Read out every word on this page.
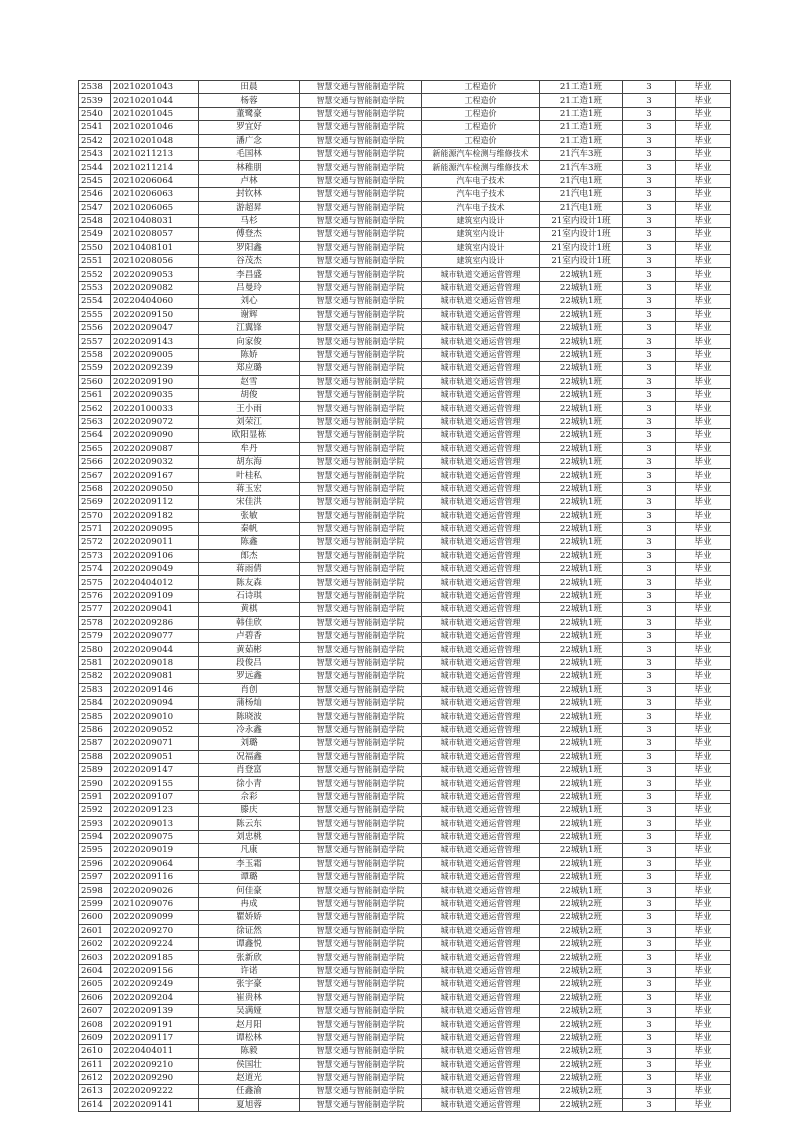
2538	20210201043	田晨	智慧交通与智能制造学院	工程造价	21工造1班	3	毕业
2539	20210201044	杨蓉	智慧交通与智能制造学院	工程造价	21工造1班	3	毕业
2540	20210201045	董鹭豪	智慧交通与智能制造学院	工程造价	21工造1班	3	毕业
2541	20210201046	罗宜好	智慧交通与智能制造学院	工程造价	21工造1班	3	毕业
2542	20210201048	潘广念	智慧交通与智能制造学院	工程造价	21工造1班	3	毕业
2543	20210211213	毛国林	智慧交通与智能制造学院	新能源汽车检测与维修技术	21汽车3班	3	毕业
2544	20210211214	林稚朋	智慧交通与智能制造学院	新能源汽车检测与维修技术	21汽车3班	3	毕业
2545	20210206064	卢林	智慧交通与智能制造学院	汽车电子技术	21汽电1班	3	毕业
2546	20210206063	封钦林	智慧交通与智能制造学院	汽车电子技术	21汽电1班	3	毕业
2547	20210206065	游超昇	智慧交通与智能制造学院	汽车电子技术	21汽电1班	3	毕业
2548	20210408031	马杉	智慧交通与智能制造学院	建筑室内设计	21室内设计1班	3	毕业
2549	20210208057	傅登杰	智慧交通与智能制造学院	建筑室内设计	21室内设计1班	3	毕业
2550	20210408101	罗阳鑫	智慧交通与智能制造学院	建筑室内设计	21室内设计1班	3	毕业
2551	20210208056	谷茂杰	智慧交通与智能制造学院	建筑室内设计	21室内设计1班	3	毕业
2552	20220209053	李昌盛	智慧交通与智能制造学院	城市轨道交通运营管理	22城轨1班	3	毕业
2553	20220209082	吕曼玲	智慧交通与智能制造学院	城市轨道交通运营管理	22城轨1班	3	毕业
2554	20220404060	刘心	智慧交通与智能制造学院	城市轨道交通运营管理	22城轨1班	3	毕业
2555	20220209150	谢辉	智慧交通与智能制造学院	城市轨道交通运营管理	22城轨1班	3	毕业
2556	20220209047	江翼锋	智慧交通与智能制造学院	城市轨道交通运营管理	22城轨1班	3	毕业
2557	20220209143	向家俊	智慧交通与智能制造学院	城市轨道交通运营管理	22城轨1班	3	毕业
2558	20220209005	陈娇	智慧交通与智能制造学院	城市轨道交通运营管理	22城轨1班	3	毕业
2559	20220209239	郑应璐	智慧交通与智能制造学院	城市轨道交通运营管理	22城轨1班	3	毕业
2560	20220209190	赵雪	智慧交通与智能制造学院	城市轨道交通运营管理	22城轨1班	3	毕业
2561	20220209035	胡俊	智慧交通与智能制造学院	城市轨道交通运营管理	22城轨1班	3	毕业
2562	20220100033	王小雨	智慧交通与智能制造学院	城市轨道交通运营管理	22城轨1班	3	毕业
2563	20220209072	刘荣江	智慧交通与智能制造学院	城市轨道交通运营管理	22城轨1班	3	毕业
2564	20220209090	欧阳显栋	智慧交通与智能制造学院	城市轨道交通运营管理	22城轨1班	3	毕业
2565	20220209087	牟丹	智慧交通与智能制造学院	城市轨道交通运营管理	22城轨1班	3	毕业
2566	20220209032	胡东海	智慧交通与智能制造学院	城市轨道交通运营管理	22城轨1班	3	毕业
2567	20220209167	叶桂私	智慧交通与智能制造学院	城市轨道交通运营管理	22城轨1班	3	毕业
2568	20220209050	蒋玉宏	智慧交通与智能制造学院	城市轨道交通运营管理	22城轨1班	3	毕业
2569	20220209112	宋佳洪	智慧交通与智能制造学院	城市轨道交通运营管理	22城轨1班	3	毕业
2570	20220209182	张敏	智慧交通与智能制造学院	城市轨道交通运营管理	22城轨1班	3	毕业
2571	20220209095	秦帆	智慧交通与智能制造学院	城市轨道交通运营管理	22城轨1班	3	毕业
2572	20220209011	陈鑫	智慧交通与智能制造学院	城市轨道交通运营管理	22城轨1班	3	毕业
2573	20220209106	郎杰	智慧交通与智能制造学院	城市轨道交通运营管理	22城轨1班	3	毕业
2574	20220209049	蒋雨倩	智慧交通与智能制造学院	城市轨道交通运营管理	22城轨1班	3	毕业
2575	20220404012	陈友森	智慧交通与智能制造学院	城市轨道交通运营管理	22城轨1班	3	毕业
2576	20220209109	石诗琪	智慧交通与智能制造学院	城市轨道交通运营管理	22城轨1班	3	毕业
2577	20220209041	黄棋	智慧交通与智能制造学院	城市轨道交通运营管理	22城轨1班	3	毕业
2578	20220209286	韩佳欣	智慧交通与智能制造学院	城市轨道交通运营管理	22城轨1班	3	毕业
2579	20220209077	卢碧香	智慧交通与智能制造学院	城市轨道交通运营管理	22城轨1班	3	毕业
2580	20220209044	黄茹彬	智慧交通与智能制造学院	城市轨道交通运营管理	22城轨1班	3	毕业
2581	20220209018	段俊吕	智慧交通与智能制造学院	城市轨道交通运营管理	22城轨1班	3	毕业
2582	20220209081	罗远鑫	智慧交通与智能制造学院	城市轨道交通运营管理	22城轨1班	3	毕业
2583	20220209146	肖创	智慧交通与智能制造学院	城市轨道交通运营管理	22城轨1班	3	毕业
2584	20220209094	蒲杨灿	智慧交通与智能制造学院	城市轨道交通运营管理	22城轨1班	3	毕业
2585	20220209010	陈晓波	智慧交通与智能制造学院	城市轨道交通运营管理	22城轨1班	3	毕业
2586	20220209052	冷永鑫	智慧交通与智能制造学院	城市轨道交通运营管理	22城轨1班	3	毕业
2587	20220209071	刘璐	智慧交通与智能制造学院	城市轨道交通运营管理	22城轨1班	3	毕业
2588	20220209051	况福鑫	智慧交通与智能制造学院	城市轨道交通运营管理	22城轨1班	3	毕业
2589	20220209147	肖登富	智慧交通与智能制造学院	城市轨道交通运营管理	22城轨1班	3	毕业
2590	20220209155	徐小青	智慧交通与智能制造学院	城市轨道交通运营管理	22城轨1班	3	毕业
2591	20220209107	佘彩	智慧交通与智能制造学院	城市轨道交通运营管理	22城轨1班	3	毕业
2592	20220209123	滕庆	智慧交通与智能制造学院	城市轨道交通运营管理	22城轨1班	3	毕业
2593	20220209013	陈云东	智慧交通与智能制造学院	城市轨道交通运营管理	22城轨1班	3	毕业
2594	20220209075	刘忠桃	智慧交通与智能制造学院	城市轨道交通运营管理	22城轨1班	3	毕业
2595	20220209019	凡康	智慧交通与智能制造学院	城市轨道交通运营管理	22城轨1班	3	毕业
2596	20220209064	李玉霜	智慧交通与智能制造学院	城市轨道交通运营管理	22城轨1班	3	毕业
2597	20220209116	谭璐	智慧交通与智能制造学院	城市轨道交通运营管理	22城轨1班	3	毕业
2598	20220209026	何佳豪	智慧交通与智能制造学院	城市轨道交通运营管理	22城轨1班	3	毕业
2599	20210209076	冉成	智慧交通与智能制造学院	城市轨道交通运营管理	22城轨2班	3	毕业
2600	20220209099	瞿娇娇	智慧交通与智能制造学院	城市轨道交通运营管理	22城轨2班	3	毕业
2601	20220209270	徐证然	智慧交通与智能制造学院	城市轨道交通运营管理	22城轨2班	3	毕业
2602	20220209224	谭鑫悦	智慧交通与智能制造学院	城市轨道交通运营管理	22城轨2班	3	毕业
2603	20220209185	张新欣	智慧交通与智能制造学院	城市轨道交通运营管理	22城轨2班	3	毕业
2604	20220209156	许诺	智慧交通与智能制造学院	城市轨道交通运营管理	22城轨2班	3	毕业
2605	20220209249	张宇豪	智慧交通与智能制造学院	城市轨道交通运营管理	22城轨2班	3	毕业
2606	20220209204	崔贵林	智慧交通与智能制造学院	城市轨道交通运营管理	22城轨2班	3	毕业
2607	20220209139	吴满娅	智慧交通与智能制造学院	城市轨道交通运营管理	22城轨2班	3	毕业
2608	20220209191	赵月阳	智慧交通与智能制造学院	城市轨道交通运营管理	22城轨2班	3	毕业
2609	20220209117	谭松林	智慧交通与智能制造学院	城市轨道交通运营管理	22城轨2班	3	毕业
2610	20220404011	陈毅	智慧交通与智能制造学院	城市轨道交通运营管理	22城轨2班	3	毕业
2611	20220209210	侯国壮	智慧交通与智能制造学院	城市轨道交通运营管理	22城轨2班	3	毕业
2612	20220209290	赵道光	智慧交通与智能制造学院	城市轨道交通运营管理	22城轨2班	3	毕业
2613	20220209222	任鑫渝	智慧交通与智能制造学院	城市轨道交通运营管理	22城轨2班	3	毕业
2614	20220209141	夏旭蓉	智慧交通与智能制造学院	城市轨道交通运营管理	22城轨2班	3	毕业
